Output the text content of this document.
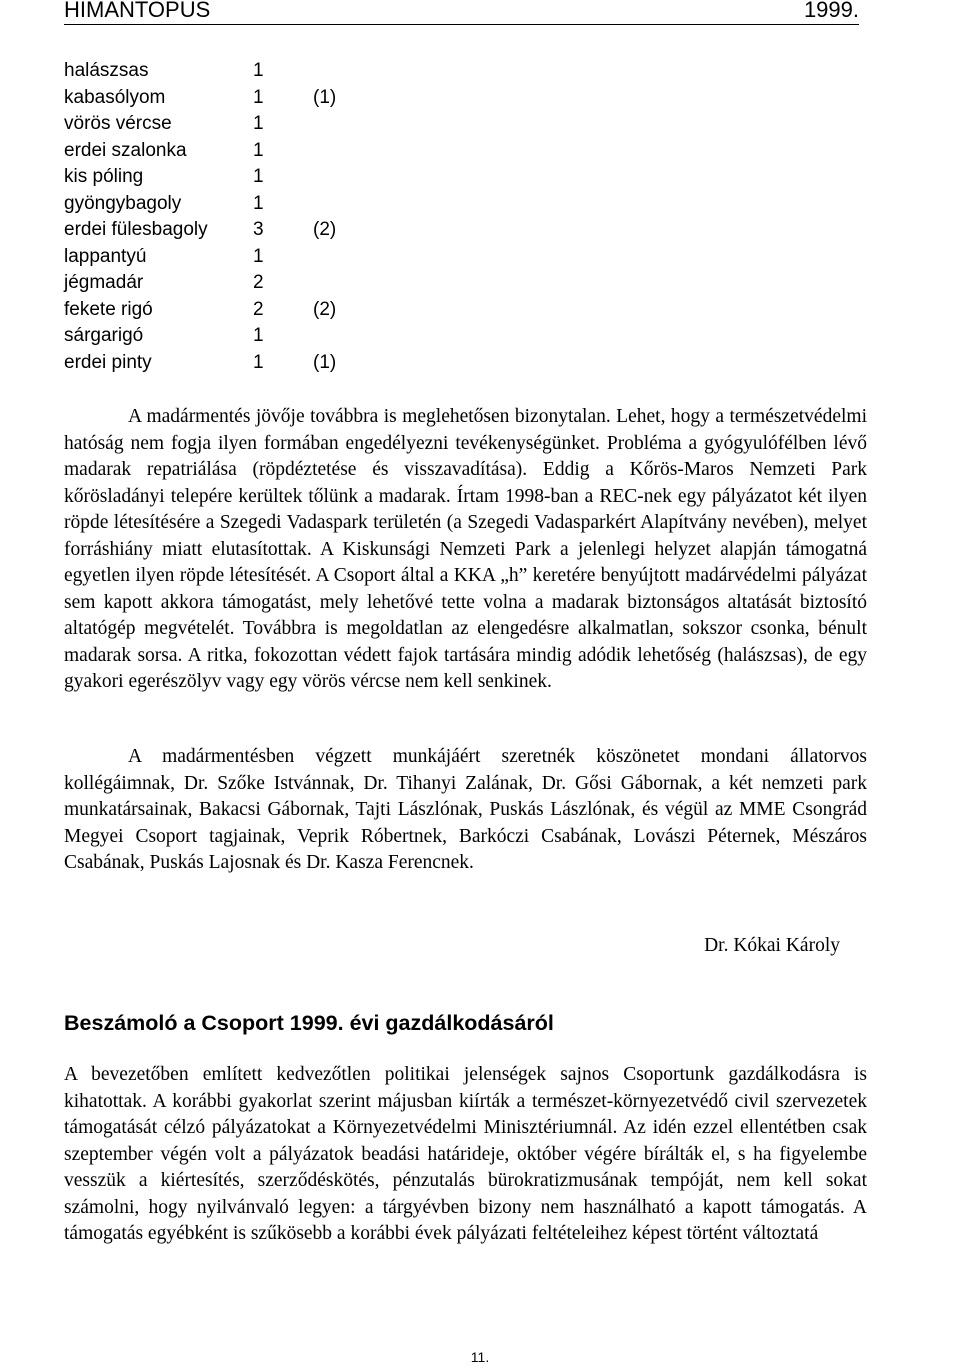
HIMANTOPUS	1999.
halászsas	1
kabasólyom	1	(1)
vörös vércse	1
erdei szalonka	1
kis póling	1
gyöngybagoly	1
erdei fülesbagoly 3	(2)
lappantyú	1
jégmadár	2
fekete rigó	2	(2)
sárgarigó	1
erdei pinty	1	(1)

A madármentés jövője továbbra is meglehetősen bizonytalan. Lehet, hogy a természetvédelmi hatóság nem fogja ilyen formában engedélyezni tevékenységünket. Probléma a gyógyulófélben lévő madarak repatriálása (röpdéztetése és visszavadítása). Eddig a Kőrös-Maros Nemzeti Park kőrösladányi telepére kerültek tőlünk a madarak. Írtam 1998-ban a REC-nek egy pályázatot két ilyen röpde létesítésére a Szegedi Vadaspark területén (a Szegedi Vadasparkért Alapítvány nevében), melyet forráshiány miatt elutasítottak. A Kiskunsági Nemzeti Park a jelenlegi helyzet alapján támogatná egyetlen ilyen röpde létesítését. A Csoport által a KKA „h” keretére benyújtott madárvédelmi pályázat sem kapott akkora támogatást, mely lehetővé tette volna a madarak biztonságos altatását biztosító altatógép megvételét. Továbbra is megoldatlan az elengedésre alkalmatlan, sokszor csonka, bénult madarak sorsa. A ritka, fokozottan védett fajok tartására mindig adódik lehetőség (halászsas), de egy gyakori egerészölyv vagy egy vörös vércse nem kell senkinek.

A madármentésben végzett munkájáért szeretnék köszönetet mondani állatorvos kollégáimnak, Dr. Szőke Istvánnak, Dr. Tihanyi Zalának, Dr. Gősi Gábornak, a két nemzeti park munkatársainak, Bakacsi Gábornak, Tajti Lászlónak, Puskás Lászlónak, és végül az MME Csongrád Megyei Csoport tagjainak, Veprik Róbertnek, Barkóczi Csabának, Lovászi Péternek, Mészáros Csabának, Puskás Lajosnak és Dr. Kasza Ferencnek.

Dr. Kókai Károly
Beszámoló a Csoport 1999. évi gazdálkodásáról

A bevezetőben említett kedvezőtlen politikai jelenségek sajnos Csoportunk gazdálkodásra is kihatottak. A korábbi gyakorlat szerint májusban kiírták a természet-környezetvédő civil szervezetek támogatását célzó pályázatokat a Környezetvédelmi Minisztériumnál. Az idén ezzel ellentétben csak szeptember végén volt a pályázatok beadási határideje, október végére bírálták el, s ha figyelembe vesszük a kiértesítés, szerződéskötés, pénzutalás bürokratizmusának tempóját, nem kell sokat számolni, hogy nyilvánvaló legyen: a tárgyévben bizony nem használható a kapott támogatás. A támogatás egyébként is szűkösebb a korábbi évek pályázati feltételeihez képest történt változtatá

11.
